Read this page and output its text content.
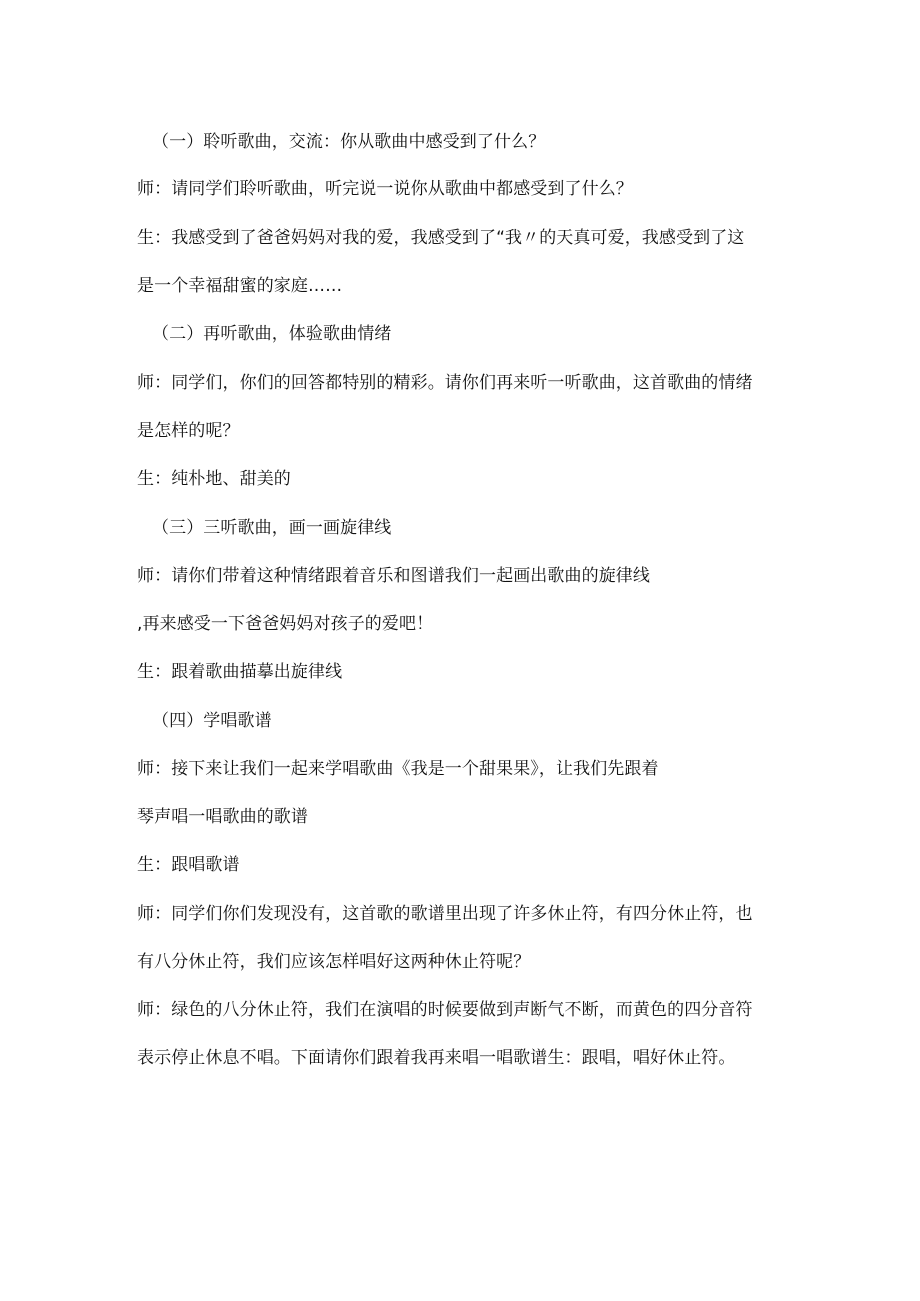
（一）聆听歌曲，交流：你从歌曲中感受到了什么？
师：请同学们聆听歌曲，听完说一说你从歌曲中都感受到了什么？
生：我感受到了爸爸妈妈对我的爱，我感受到了“我〃的天真可爱，我感受到了这
是一个幸福甜蜜的家庭……
（二）再听歌曲，体验歌曲情绪
师：同学们，你们的回答都特别的精彩。请你们再来听一听歌曲，这首歌曲的情绪
是怎样的呢？
生：纯朴地、甜美的
（三）三听歌曲，画一画旋律线
师：请你们带着这种情绪跟着音乐和图谱我们一起画出歌曲的旋律线
,再来感受一下爸爸妈妈对孩子的爱吧！
生：跟着歌曲描摹出旋律线
（四）学唱歌谱
师：接下来让我们一起来学唱歌曲《我是一个甜果果》，让我们先跟着
琴声唱一唱歌曲的歌谱
生：跟唱歌谱
师：同学们你们发现没有，这首歌的歌谱里出现了许多休止符，有四分休止符，也
有八分休止符，我们应该怎样唱好这两种休止符呢？
师：绿色的八分休止符，我们在演唱的时候要做到声断气不断，而黄色的四分音符
表示停止休息不唱。下面请你们跟着我再来唱一唱歌谱生：跟唱，唱好休止符。
